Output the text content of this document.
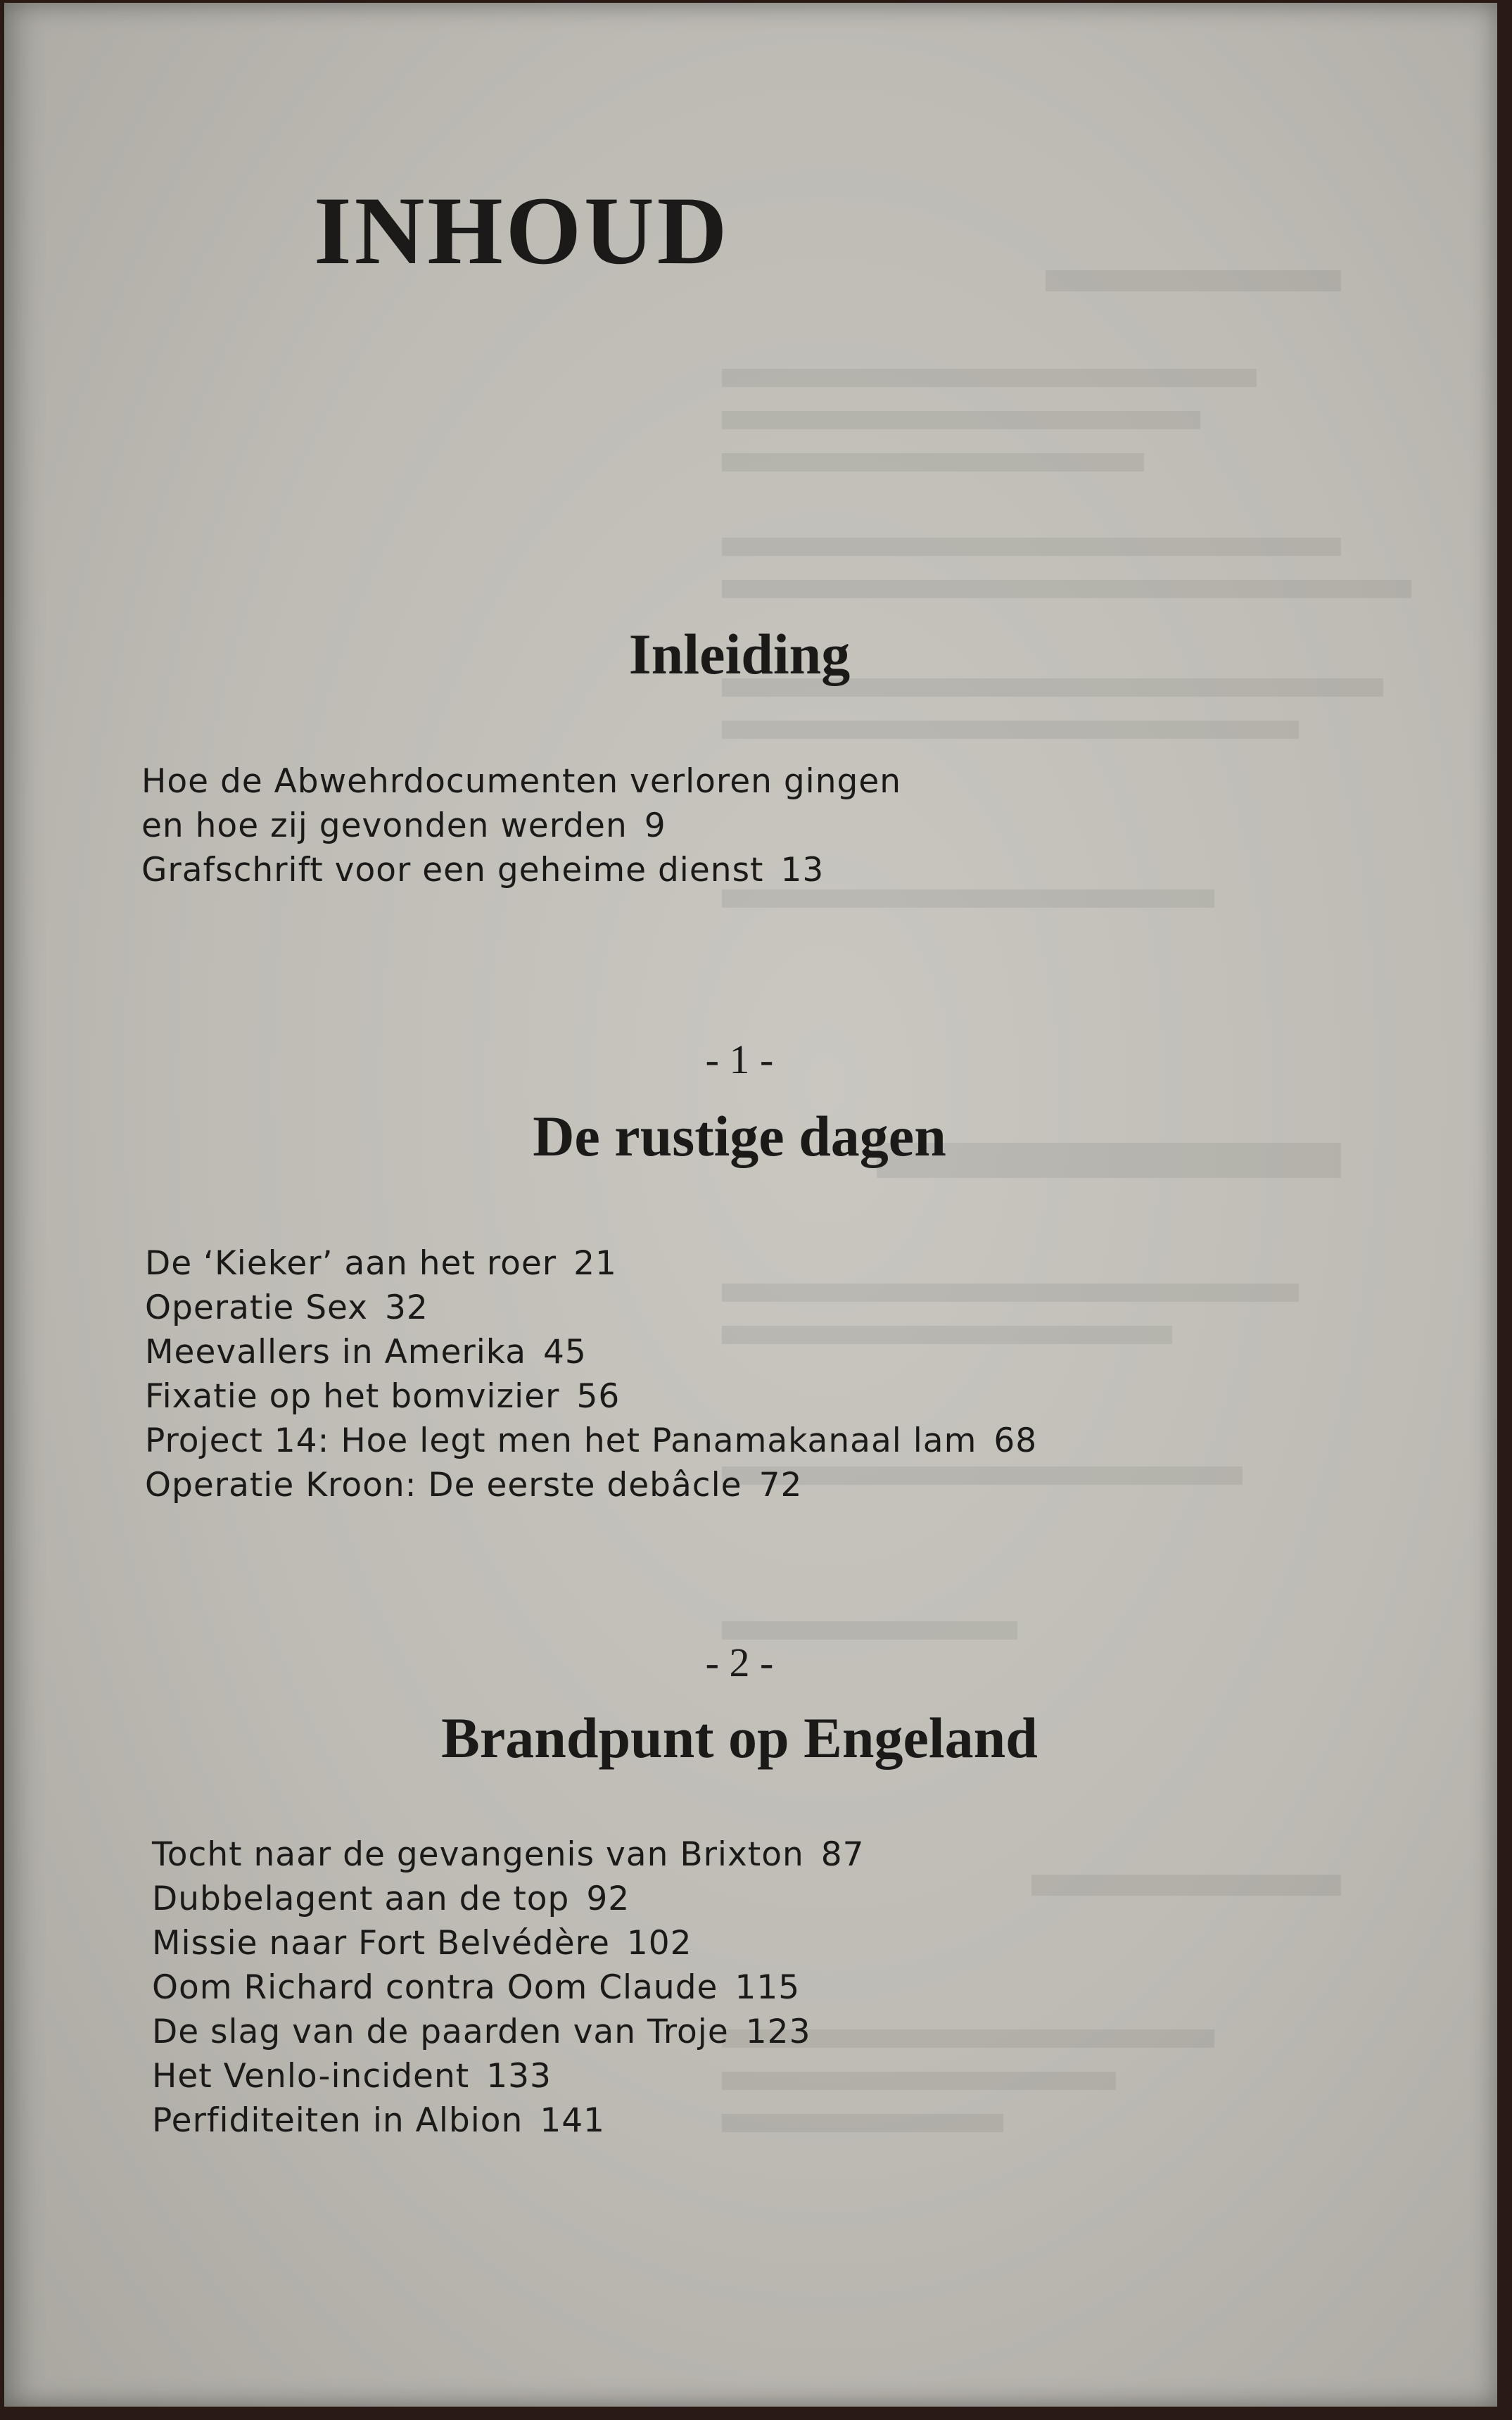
INHOUD
Inleiding
Hoe de Abwehrdocumenten verloren gingen
en hoe zij gevonden werden 9
Grafschrift voor een geheime dienst 13
- 1 -
De rustige dagen
De ‘Kieker’ aan het roer 21
Operatie Sex 32
Meevallers in Amerika 45
Fixatie op het bomvizier 56
Project 14: Hoe legt men het Panamakanaal lam 68
Operatie Kroon: De eerste debâcle 72
- 2 -
Brandpunt op Engeland
Tocht naar de gevangenis van Brixton 87
Dubbelagent aan de top 92
Missie naar Fort Belvédère 102
Oom Richard contra Oom Claude 115
De slag van de paarden van Troje 123
Het Venlo-incident 133
Perfiditeiten in Albion 141
